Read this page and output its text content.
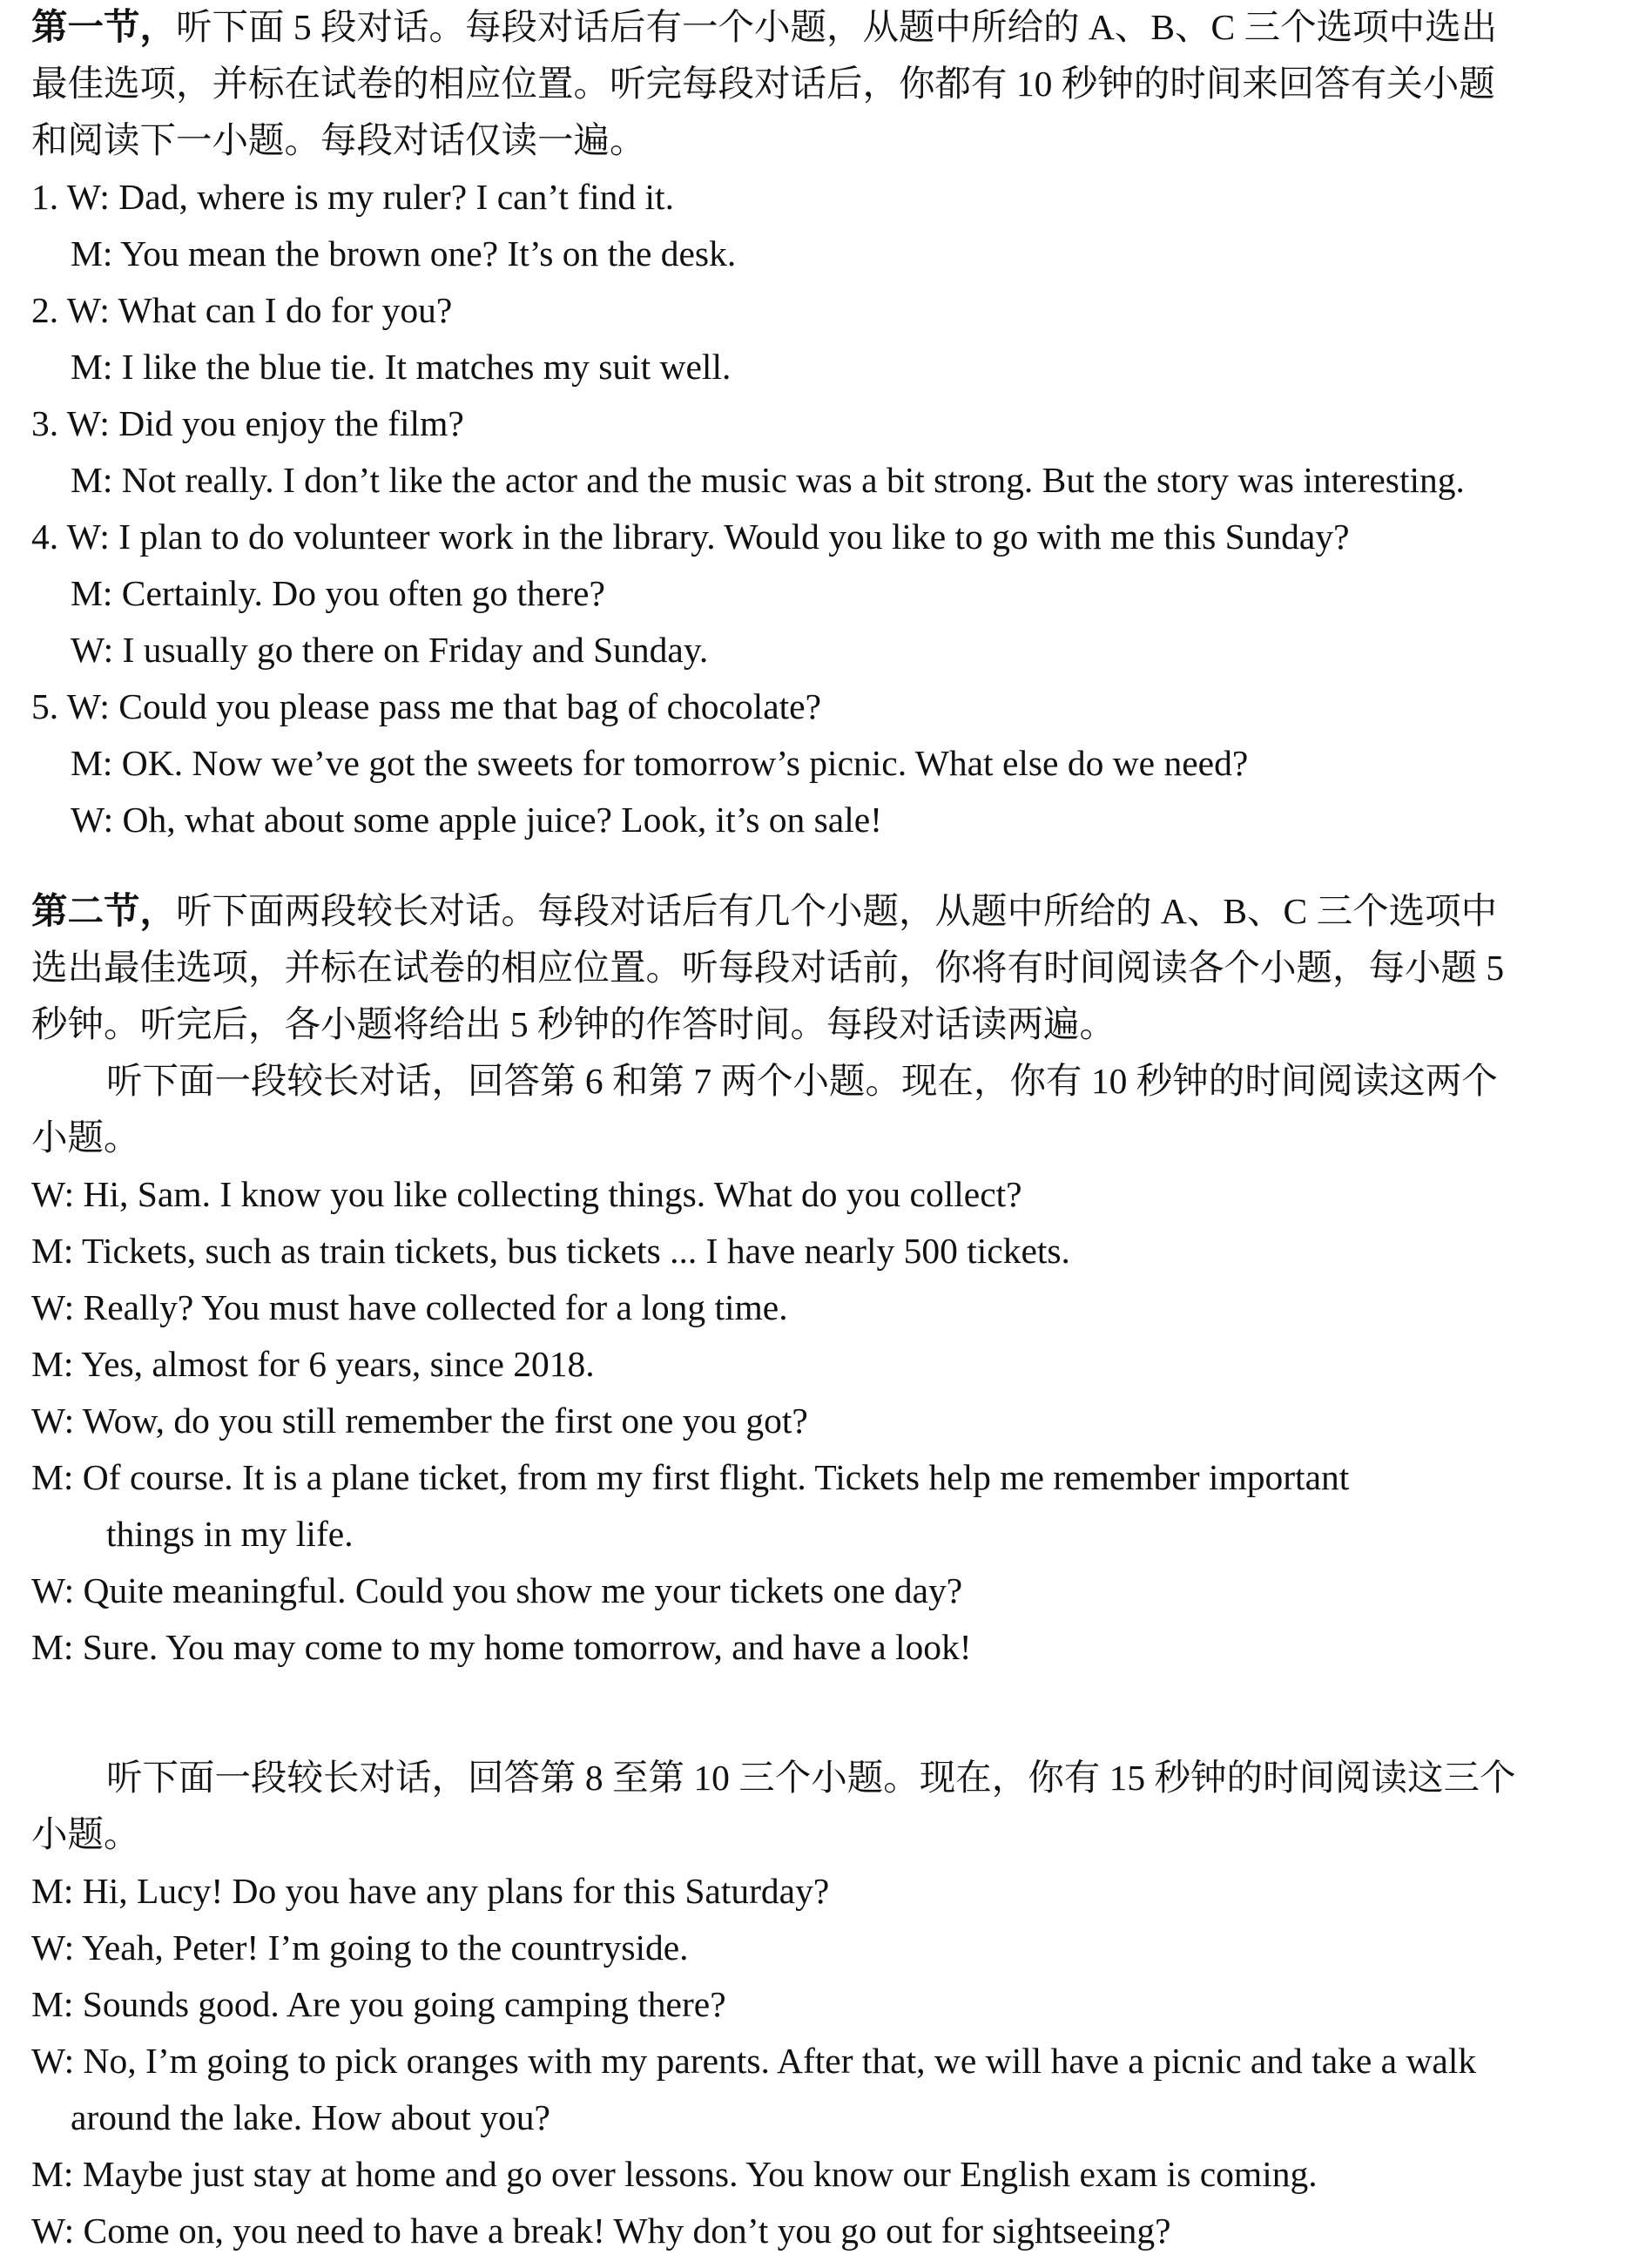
第一节，听下面 5 段对话。每段对话后有一个小题，从题中所给的 A、B、C 三个选项中选出
最佳选项，并标在试卷的相应位置。听完每段对话后，你都有 10 秒钟的时间来回答有关小题
和阅读下一小题。每段对话仅读一遍。
1. W: Dad, where is my ruler? I can’t find it.
M: You mean the brown one? It’s on the desk.
2. W: What can I do for you?
M: I like the blue tie. It matches my suit well.
3. W: Did you enjoy the film?
M: Not really. I don’t like the actor and the music was a bit strong. But the story was interesting.
4. W: I plan to do volunteer work in the library. Would you like to go with me this Sunday?
M: Certainly. Do you often go there?
W: I usually go there on Friday and Sunday.
5. W: Could you please pass me that bag of chocolate?
M: OK. Now we’ve got the sweets for tomorrow’s picnic. What else do we need?
W: Oh, what about some apple juice? Look, it’s on sale!
第二节，听下面两段较长对话。每段对话后有几个小题，从题中所给的 A、B、C 三个选项中
选出最佳选项，并标在试卷的相应位置。听每段对话前，你将有时间阅读各个小题，每小题 5
秒钟。听完后，各小题将给出 5 秒钟的作答时间。每段对话读两遍。
听下面一段较长对话，回答第 6 和第 7 两个小题。现在，你有 10 秒钟的时间阅读这两个
小题。
W: Hi, Sam. I know you like collecting things. What do you collect?
M: Tickets, such as train tickets, bus tickets ... I have nearly 500 tickets.
W: Really? You must have collected for a long time.
M: Yes, almost for 6 years, since 2018.
W: Wow, do you still remember the first one you got?
M: Of course. It is a plane ticket, from my first flight. Tickets help me remember important
things in my life.
W: Quite meaningful. Could you show me your tickets one day?
M: Sure. You may come to my home tomorrow, and have a look!
听下面一段较长对话，回答第 8 至第 10 三个小题。现在，你有 15 秒钟的时间阅读这三个
小题。
M: Hi, Lucy! Do you have any plans for this Saturday?
W: Yeah, Peter! I’m going to the countryside.
M: Sounds good. Are you going camping there?
W: No, I’m going to pick oranges with my parents. After that, we will have a picnic and take a walk
around the lake. How about you?
M: Maybe just stay at home and go over lessons. You know our English exam is coming.
W: Come on, you need to have a break! Why don’t you go out for sightseeing?
